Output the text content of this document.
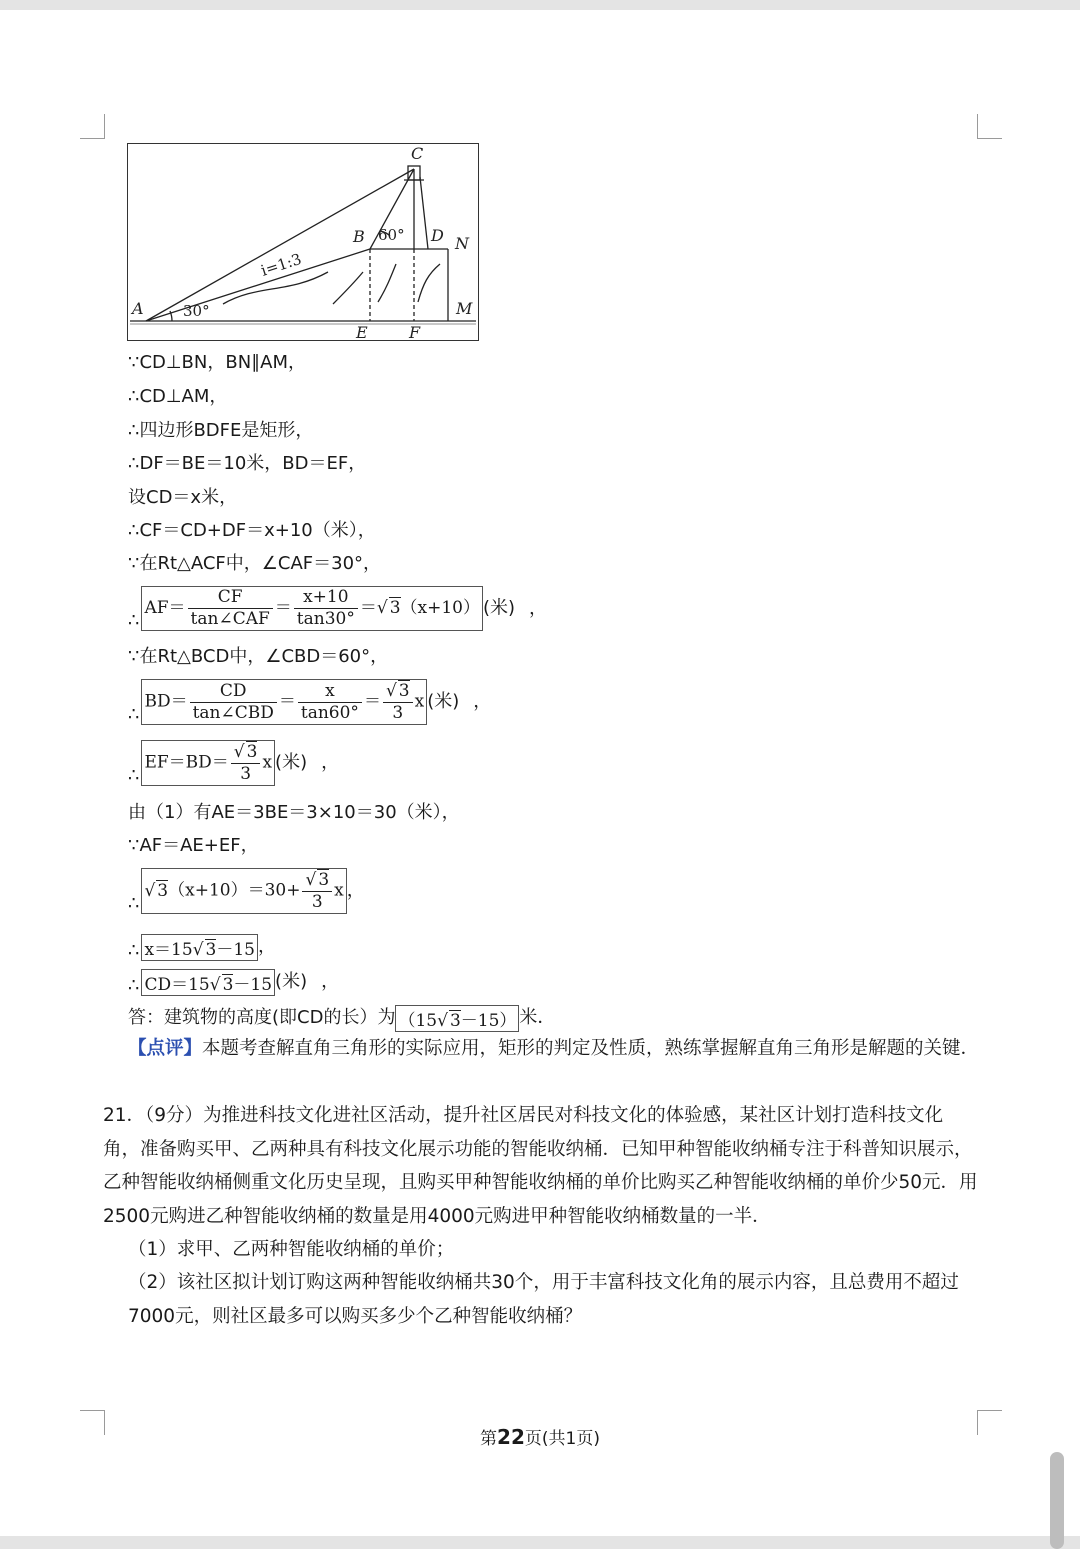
C
B	D N
A	M
E	F
i=1:3
30°
60°
∵CD⊥BN，BN∥AM，
∴CD⊥AM，
∴四边形BDFE是矩形，
∴DF＝BE＝10米，BD＝EF，
设CD＝x米，
∴CF＝CD+DF＝x+10（米），
∵在Rt△ACF中，∠CAF＝30°，
∴AF＝ $\frac{CF}{\text{tan∠CAF}} = \frac{x+10}{\tan 30^\circ}$ ＝ √ 3（x+10） (米) ，
∵在Rt△BCD中，∠CBD＝60°，
∴BD＝ $\frac{CD}{\text{tan∠CBD}} = \frac{x}{\tan 60^\circ}$ ＝ √ $\frac{3}{3}$ x (米) ，
∴EF＝BD＝ √ $\frac{3}{3}$ x (米) ，
由（1）有AE＝3BE＝3×10＝30（米），
∵AF＝AE+EF，
∴√ 3（x+10）＝30+ √ $\frac{3}{3}$ x ，
∴ x＝15 √ 3－15 ，
∴ CD＝15 √ 3－15 (米) ，
答：建筑物的高度(即CD的长）为 （15 √ 3－15） 米．
【点评】本题考查解直角三角形的实际应用，矩形的判定及性质，熟练掌握解直角三角形是解题的关键．
21．（9分）为推进科技文化进社区活动，提升社区居民对科技文化的体验感，某社区计划打造科技文化角，准备购买甲、乙两种具有科技文化展示功能的智能收纳桶．已知甲种智能收纳桶专注于科普知识展示，乙种智能收纳桶侧重文化历史呈现，且购买甲种智能收纳桶的单价比购买乙种智能收纳桶的单价少50元．用2500元购进乙种智能收纳桶的数量是用4000元购进甲种智能收纳桶数量的一半．
（1）求甲、乙两种智能收纳桶的单价；
（2）该社区拟计划订购这两种智能收纳桶共30个，用于丰富科技文化角的展示内容，且总费用不超过7000元，则社区最多可以购买多少个乙种智能收纳桶？
第22页(共1页)
